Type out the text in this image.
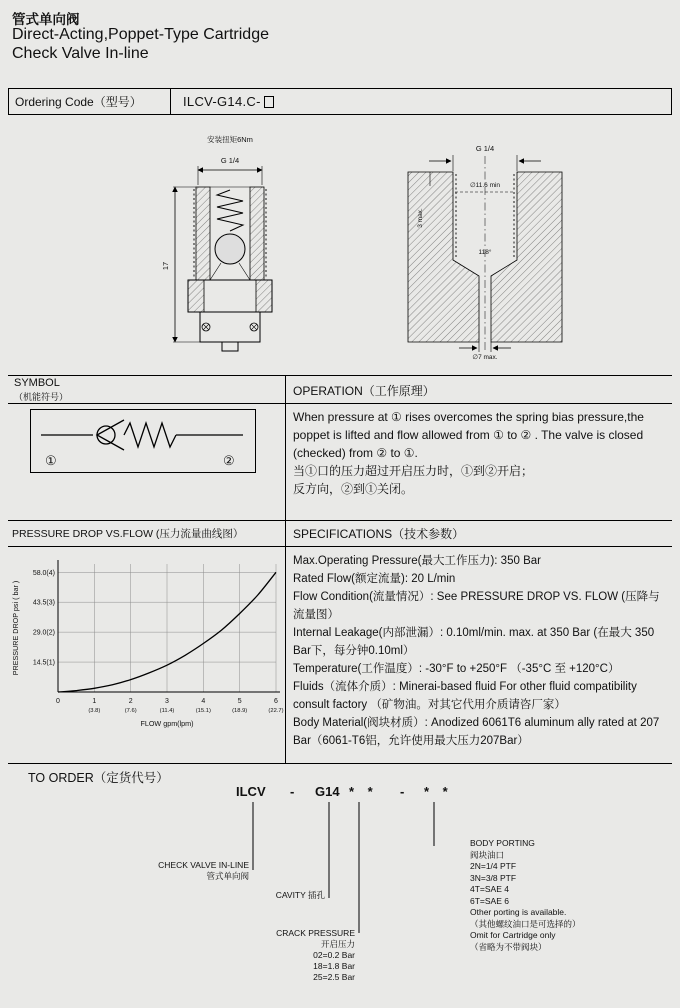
管式单向阀
Direct-Acting,Poppet-Type Cartridge
Check Valve In-line
Ordering Code（型号）	ILCV-G14.C-
安装扭矩6Nm
G 1/4
17
G 1/4
∅11.6 min
3 max.
118°
∅7 max.
SYMBOL
（机能符号）
①	②
OPERATION（工作原理）
When pressure at ① rises overcomes the spring bias pressure,the poppet is lifted and flow allowed from ① to ② . The valve is closed (checked) from ② to ①.
当①口的压力超过开启压力时，①到②开启；
反方向，②到①关闭。
PRESSURE DROP VS.FLOW (压力流量曲线图）	SPECIFICATIONS（技术参数）
14.5(1)
29.0(2)
43.5(3)
58.0(4)
0	1
(3.8)
2
(7.6)
3
(11.4)
4
(15.1)
5
(18.9)
6
(22.7)
FLOW gpm(lpm)
PRESSURE DROP psi ( bar )
Max.Operating Pressure(最大工作压力): 350 Bar
Rated Flow(额定流量): 20 L/min
Flow Condition(流量情况）: See PRESSURE DROP VS. FLOW (压降与流量图）
Internal Leakage(内部泄漏）: 0.10ml/min. max. at 350 Bar (在最大 350 Bar下，每分钟0.10ml）
Temperature(工作温度）: -30°F to +250°F （-35°C 至 +120°C）
Fluids（流体介质）: Minerai-based fluid For other fluid compatibility consult factory （矿物油。对其它代用介质请咨厂家）
Body Material(阀块材质）: Anodized 6061T6 aluminum ally rated at 207 Bar（6061-T6铝，允许使用最大压力207Bar）
TO ORDER（定货代号）
ILCV - G14 * * - * *
CHECK VALVE IN-LINE
管式单向阀
CAVITY 插孔
CRACK PRESSURE
开启压力
02=0.2 Bar
18=1.8 Bar
25=2.5 Bar
BODY PORTING
阀块油口
2N=1/4 PTF
3N=3/8 PTF
4T=SAE 4
6T=SAE 6
Other porting is available.
（其他螺纹油口是可选择的）
Omit for Cartridge only
（省略为不带阀块）
